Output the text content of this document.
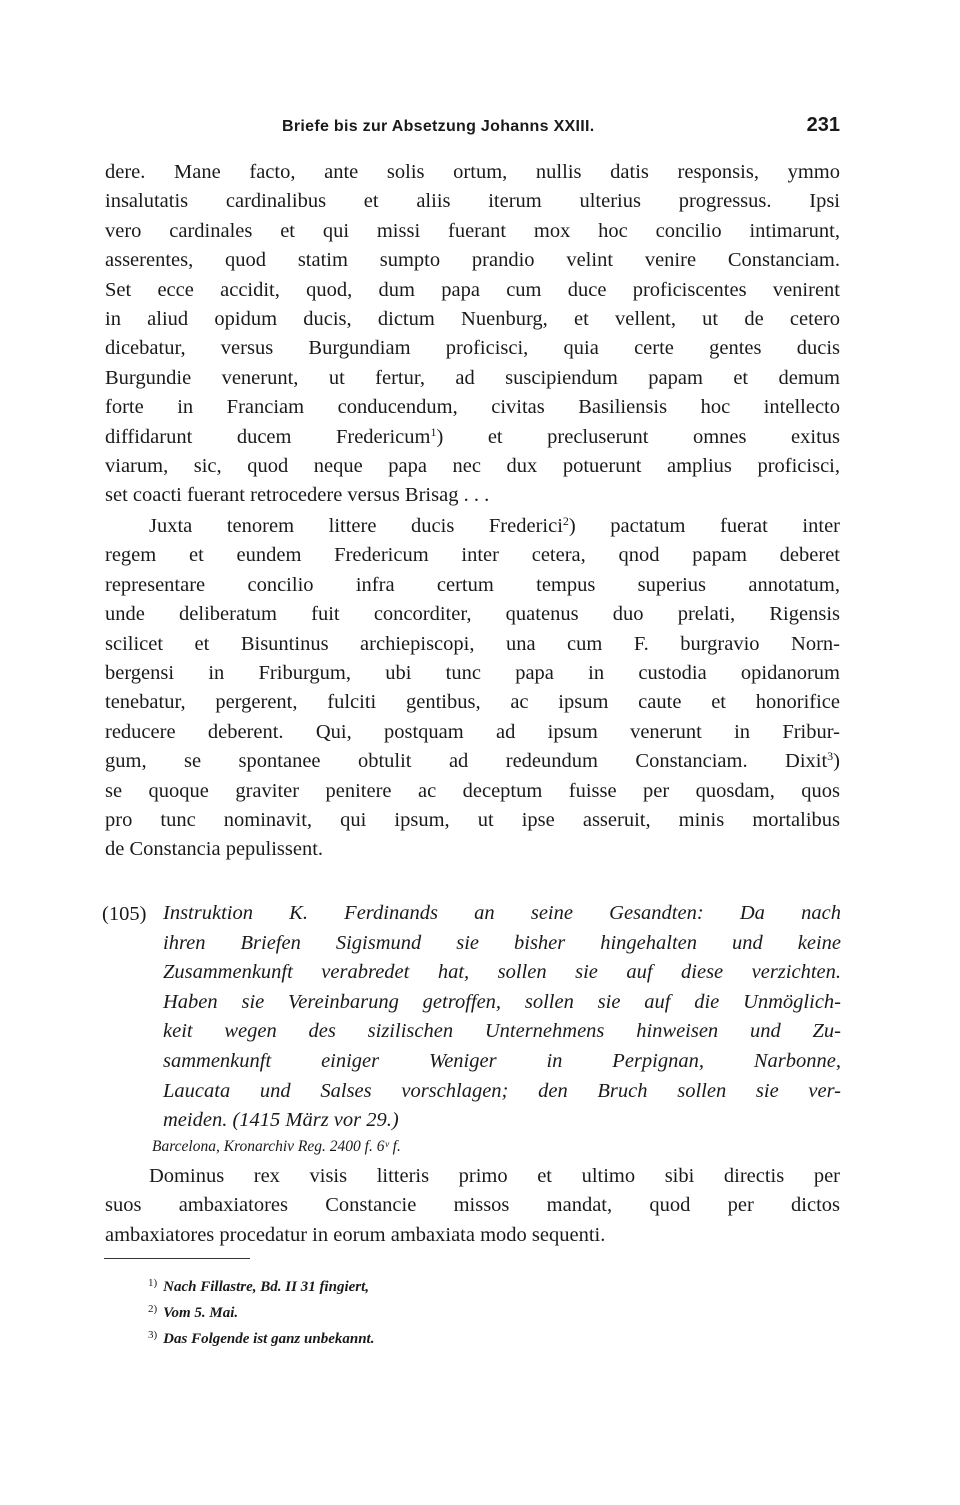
Briefe bis zur Absetzung Johanns XXIII.	231
dere. Mane facto, ante solis ortum, nullis datis responsis, ymmo
insalutatis cardinalibus et aliis iterum ulterius progressus. Ipsi
vero cardinales et qui missi fuerant mox hoc concilio intimarunt,
asserentes, quod statim sumpto prandio velint venire Constanciam.
Set ecce accidit, quod, dum papa cum duce proficiscentes venirent
in aliud opidum ducis, dictum Nuenburg, et vellent, ut de cetero
dicebatur, versus Burgundiam proficisci, quia certe gentes ducis
Burgundie venerunt, ut fertur, ad suscipiendum papam et demum
forte in Franciam conducendum, civitas Basiliensis hoc intellecto
diffidarunt ducem Fredericum$^1$) et precluserunt omnes exitus
viarum, sic, quod neque papa nec dux potuerunt amplius proficisci,
set coacti fuerant retrocedere versus Brisag . . .
Juxta tenorem littere ducis Frederici$^2$) pactatum fuerat inter
regem et eundem Fredericum inter cetera, qnod papam deberet
representare concilio infra certum tempus superius annotatum,
unde deliberatum fuit concorditer, quatenus duo prelati, Rigensis
scilicet et Bisuntinus archiepiscopi, una cum F. burgravio Norn-
bergensi in Friburgum, ubi tunc papa in custodia opidanorum
tenebatur, pergerent, fulciti gentibus, ac ipsum caute et honorifice
reducere deberent. Qui, postquam ad ipsum venerunt in Fribur-
gum, se spontanee obtulit ad redeundum Constanciam. Dixit$^3$)
se quoque graviter penitere ac deceptum fuisse per quosdam, quos
pro tunc nominavit, qui ipsum, ut ipse asseruit, minis mortalibus
de Constancia pepulissent.
(105) Instruktion K. Ferdinands an seine Gesandten: Da nach
ihren Briefen Sigismund sie bisher hingehalten und keine
Zusammenkunft verabredet hat, sollen sie auf diese verzichten.
Haben sie Vereinbarung getroffen, sollen sie auf die Unmöglich-
keit wegen des sizilischen Unternehmens hinweisen und Zu-
sammenkunft einiger Weniger in Perpignan, Narbonne,
Laucata und Salses vorschlagen; den Bruch sollen sie ver-
meiden. (1415 März vor 29.)
Barcelona, Kronarchiv Reg. 2400 f. 6ᵛ f.
Dominus rex visis litteris primo et ultimo sibi directis per
suos ambaxiatores Constancie missos mandat, quod per dictos
ambaxiatores procedatur in eorum ambaxiata modo sequenti.
$^{1)}$ Nach Fillastre, Bd. II 31 fingiert,
$^{2)}$ Vom 5. Mai.
$^{3)}$ Das Folgende ist ganz unbekannt.
